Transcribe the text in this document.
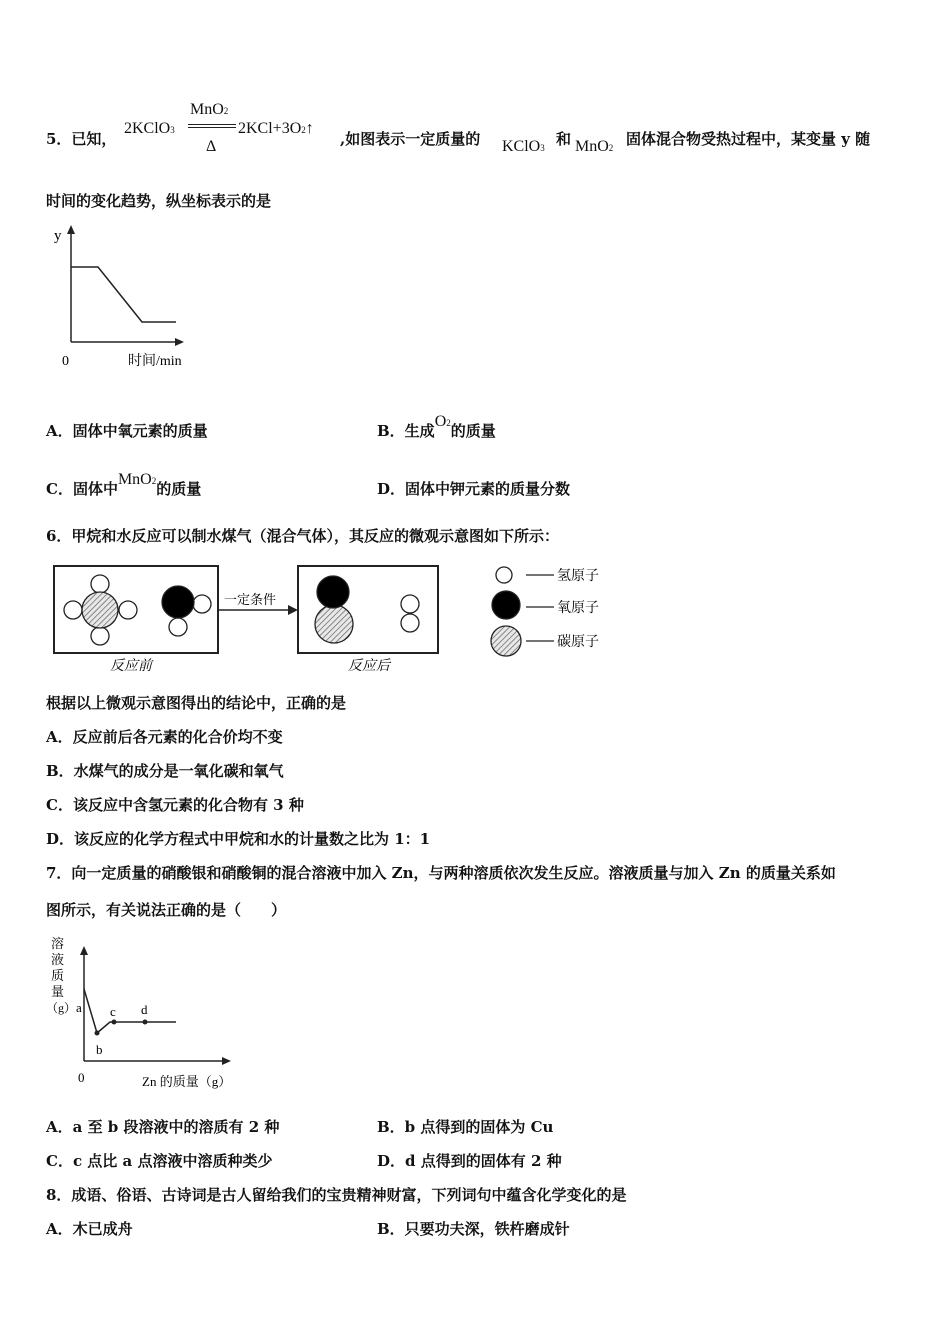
5．已知，
2KClO3
MnO2
Δ
2KCl+3O2↑
,如图表示一定质量的 KClO3 和 MnO2 固体混合物受热过程中，某变量 y 随
时间的变化趋势，纵坐标表示的是
y
0	时间/min
A．固体中氧元素的质量	B．生成O2的质量
C．固体中MnO2的质量	D．固体中钾元素的质量分数
6．甲烷和水反应可以制水煤气（混合气体），其反应的微观示意图如下所示：
反应前
一定条件
反应后
氢原子
氧原子
碳原子
根据以上微观示意图得出的结论中，正确的是
A．反应前后各元素的化合价均不变
B．水煤气的成分是一氧化碳和氧气
C．该反应中含氢元素的化合物有 3 种
D．该反应的化学方程式中甲烷和水的计量数之比为 1：1
7．向一定质量的硝酸银和硝酸铜的混合溶液中加入 Zn，与两种溶质依次发生反应。溶液质量与加入 Zn 的质量关系如
图所示，有关说法正确的是（　　）
溶
液
质
量
（g） a
b
c d
0	Zn 的质量（g）
A．a 至 b 段溶液中的溶质有 2 种	B．b 点得到的固体为 Cu
C．c 点比 a 点溶液中溶质种类少	D．d 点得到的固体有 2 种
8．成语、俗语、古诗词是古人留给我们的宝贵精神财富，下列词句中蕴含化学变化的是
A．木已成舟	B．只要功夫深，铁杵磨成针
